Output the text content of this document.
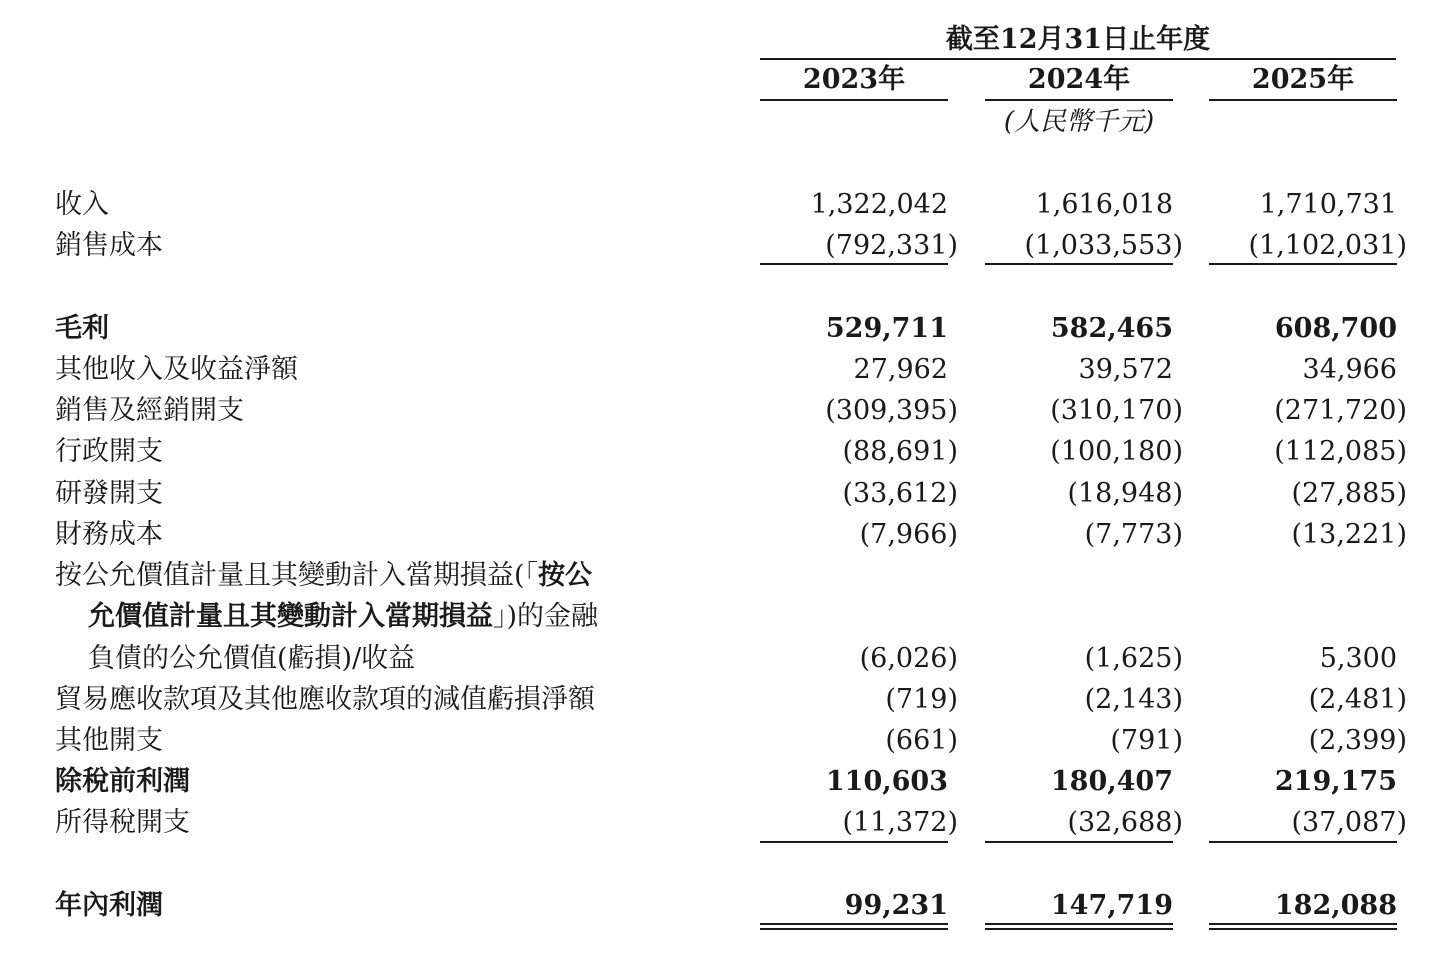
截至12月31日止年度
2023年	2024年	2025年
(人民幣千元)
收入	1,322,042	1,616,018	1,710,731
銷售成本	(792,331)	(1,033,553)	(1,102,031)
毛利	529,711	582,465	608,700
其他收入及收益淨額	27,962	39,572	34,966
銷售及經銷開支	(309,395)	(310,170)	(271,720)
行政開支	(88,691)	(100,180)	(112,085)
研發開支	(33,612)	(18,948)	(27,885)
財務成本	(7,966)	(7,773)	(13,221)
按公允價值計量且其變動計入當期損益(「按公
允價值計量且其變動計入當期損益」)的金融
負債的公允價值(虧損)/收益	(6,026)	(1,625)	5,300
貿易應收款項及其他應收款項的減值虧損淨額	(719)	(2,143)	(2,481)
其他開支	(661)	(791)	(2,399)
除稅前利潤	110,603	180,407	219,175
所得稅開支	(11,372)	(32,688)	(37,087)
年內利潤	99,231	147,719	182,088
